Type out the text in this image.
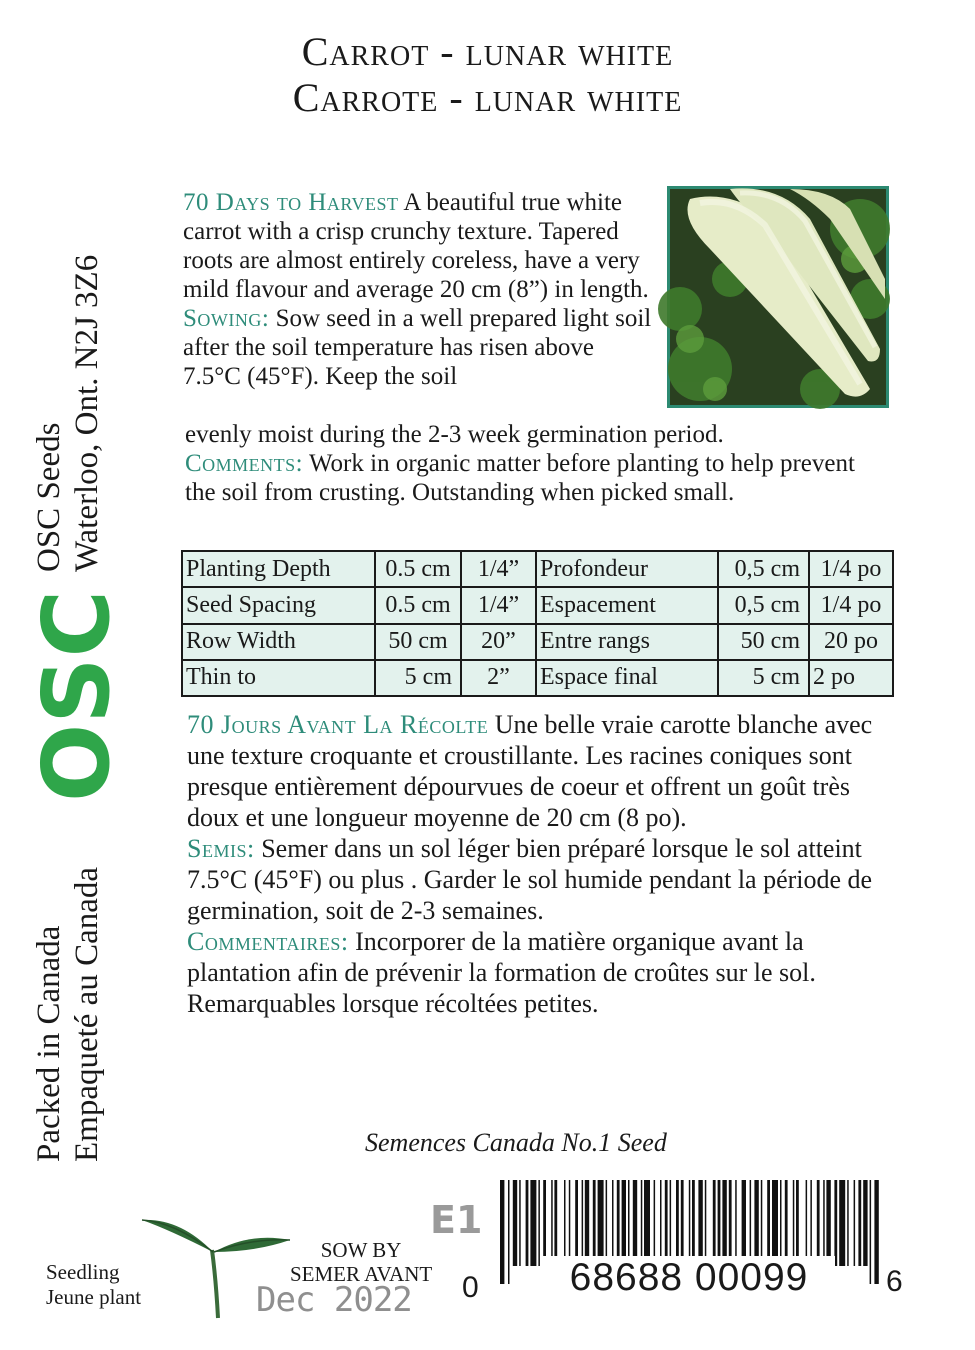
Carrot - lunar white
Carrote - lunar white
OSC Seeds Waterloo, Ont. N2J 3Z6
OSC
Packed in Canada Empaqueté au Canada
70 Days to Harvest A beautiful true white carrot with a crisp crunchy texture. Tapered roots are almost entirely coreless, have a very mild flavour and average 20 cm (8”) in length. Sowing: Sow seed in a well prepared light soil after the soil temperature has risen above 7.5°C (45°F). Keep the soil
evenly moist during the 2-3 week germination period.
Comments: Work in organic matter before planting to help prevent the soil from crusting. Outstanding when picked small.
Planting Depth	0.5 cm	1/4”	Profondeur	0,5 cm	1/4 po
Seed Spacing	0.5 cm	1/4”	Espacement	0,5 cm	1/4 po
Row Width	50 cm	20”	Entre rangs	50 cm	20 po
Thin to	5 cm	2”	Espace final	5 cm	2 po
70 Jours Avant La Récolte Une belle vraie carotte blanche avec une texture croquante et croustillante. Les racines coniques sont presque entièrement dépourvues de coeur et offrent un goût très doux et une longueur moyenne de 20 cm (8 po).
Semis: Semer dans un sol léger bien préparé lorsque le sol atteint 7.5°C (45°F) ou plus . Garder le sol humide pendant la période de germination, soit de 2-3 semaines.
Commentaires: Incorporer de la matière organique avant la plantation afin de prévenir la formation de croûtes sur le sol. Remarquables lorsque récoltées petites.
Semences Canada No.1 Seed
Seedling
Jeune plant
SOW BY
SEMER AVANT
Dec 2022
E1
0	68688 00099	6
